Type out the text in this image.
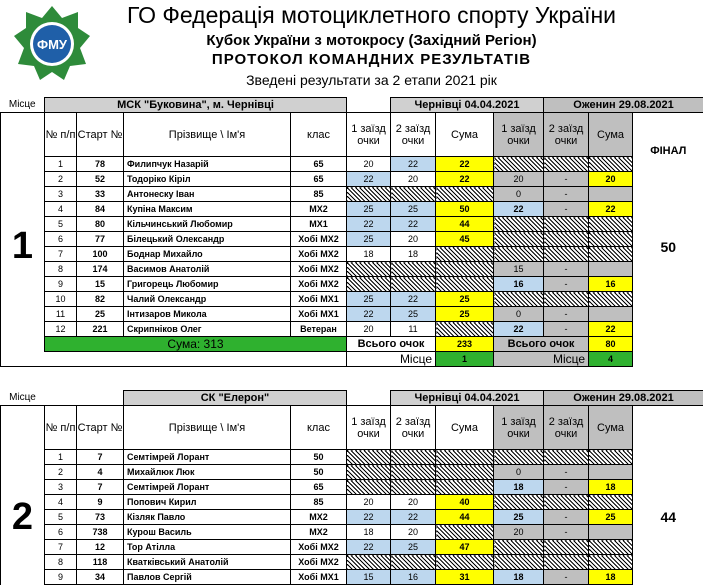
ФМУ
ГО Федерація мотоциклетного спорту України
Кубок України з мотокросу (Західний Регіон)
ПРОТОКОЛ КОМАНДНИХ РЕЗУЛЬТАТІВ
Зведені результати за 2 етапи 2021 рік
Місце	МСК "Буковина", м. Чернівці					Чернівці 04.04.2021			Оженин 29.08.2021	
	№ п/п	Старт №	Прізвище \ Ім'я	клас	1 заїзд очки	2 заїзд очки	Сума	1 заїзд очки	2 заїзд очки	Сума	ФІНАЛ	
1	1	78	Филипчук Назарій	65	20	22	22				50	
	2	52	Тодоріко Кіріл	65	22	20	22	20	-	20		
	3	33	Антонеску Іван	85				0	-			
	4	84	Купіна Максим	MX2	25	25	50	22	-	22		
	5	80	Кільчинський Любомир	MX1	22	22	44					
	6	77	Білецький Олександр	Хобі MX2	25	20	45					
	7	100	Боднар Михайло	Хобі MX2	18	18						
	8	174	Васимов Анатолій	Хобі MX2				15	-			
	9	15	Григорець Любомир	Хобі MX2				16	-	16		
	10	82	Чалий Олександр	Хобі MX1	25	22	25					
	11	25	Інтизаров Микола	Хобі MX1	22	25	25	0	-			
	12	221	Скрипніков Олег	Ветеран	20	11		22	-	22		
	Сума: 313				Всього очок		233	Всього очок		80		
					Місце		1	Місце		4		
Місце			СК "Елерон"			Чернівці 04.04.2021			Оженин 29.08.2021			
	№ п/п	Старт №	Прізвище \ Ім'я	клас	1 заїзд очки	2 заїзд очки	Сума	1 заїзд очки	2 заїзд очки	Сума		
2	1	7	Семтімрей Лорант	50							44	
	2	4	Михайлюк Люк	50				0	-			
	3	7	Семтімрей Лорант	65				18	-	18		
	4	9	Попович Кирил	85	20	20	40					
	5	73	Кізляк Павло	MX2	22	22	44	25	-	25		
	6	738	Курош Василь	MX2	18	20		20	-			
	7	12	Тор Атілла	Хобі MX2	22	25	47					
	8	118	Кватківський Анатолій	Хобі MX2								
	9	34	Павлов Сергій	Хобі MX1	15	16	31	18	-	18		
